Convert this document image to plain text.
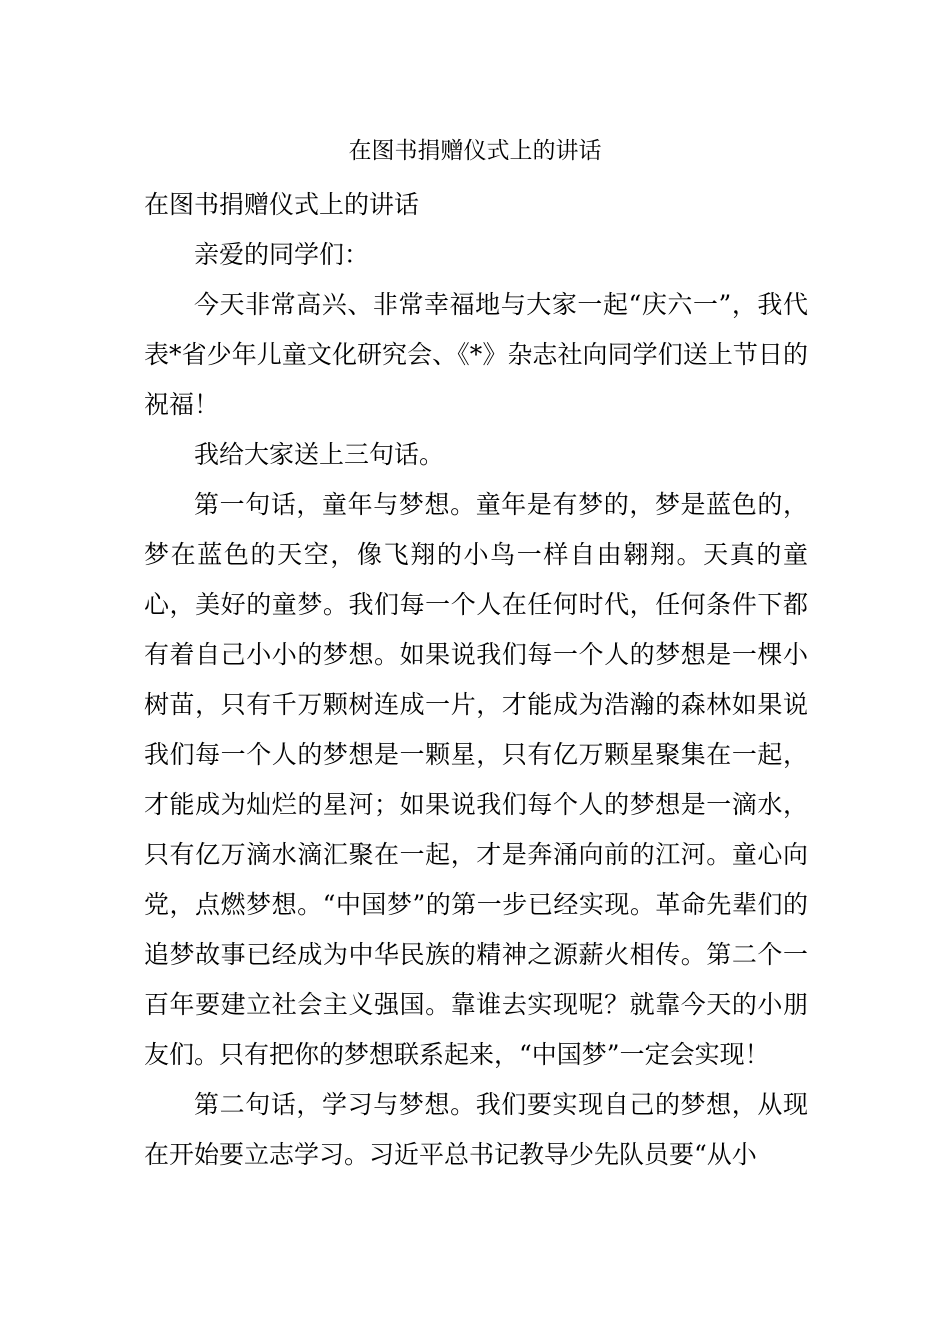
在图书捐赠仪式上的讲话

在图书捐赠仪式上的讲话

亲爱的同学们：

今天非常高兴、非常幸福地与大家一起“庆六一”，我代表*省少年儿童文化研究会、《*》杂志社向同学们送上节日的祝福！

我给大家送上三句话。

第一句话，童年与梦想。童年是有梦的，梦是蓝色的，梦在蓝色的天空，像飞翔的小鸟一样自由翱翔。天真的童心，美好的童梦。我们每一个人在任何时代，任何条件下都有着自己小小的梦想。如果说我们每一个人的梦想是一棵小树苗，只有千万颗树连成一片，才能成为浩瀚的森林如果说我们每一个人的梦想是一颗星，只有亿万颗星聚集在一起，才能成为灿烂的星河；如果说我们每个人的梦想是一滴水，只有亿万滴水滴汇聚在一起，才是奔涌向前的江河。童心向党，点燃梦想。“中国梦”的第一步已经实现。革命先辈们的追梦故事已经成为中华民族的精神之源薪火相传。第二个一百年要建立社会主义强国。靠谁去实现呢？就靠今天的小朋友们。只有把你的梦想联系起来，“中国梦”一定会实现！

第二句话，学习与梦想。我们要实现自己的梦想，从现在开始要立志学习。习近平总书记教导少先队员要“从小
